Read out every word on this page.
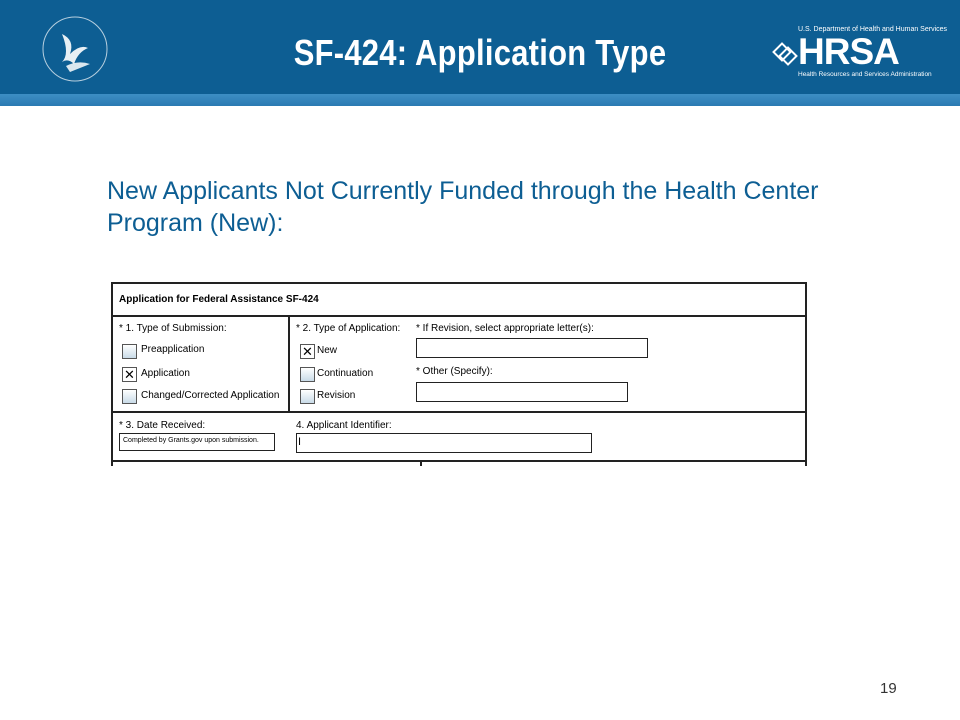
SF-424: Application Type
U.S. Department of Health and Human Services
HRSA
Health Resources and Services Administration
New Applicants Not Currently Funded through the Health Center Program (New):
Application for Federal Assistance SF-424
* 1. Type of Submission:
Preapplication
✕ Application
Changed/Corrected Application
* 2. Type of Application:
✕ New
Continuation
Revision
* If Revision, select appropriate letter(s):
* Other (Specify):
* 3. Date Received:
Completed by Grants.gov upon submission.
4. Applicant Identifier:
I
19
